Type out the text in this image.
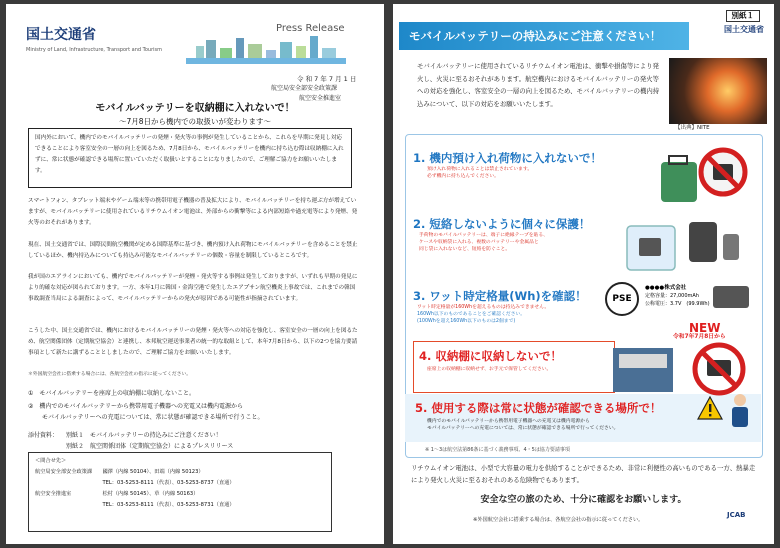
Press Release
国土交通省
Ministry of Land, Infrastructure, Transport and Tourism
令 和 7 年 7 月 1 日
航空局安全部安全政策課
航空安全推進室
モバイルバッテリーを収納棚に入れないで！
～7月8日から機内での取扱いが変わります～
国内外において、機内でのモバイルバッテリーの発煙・発火等の事例が発生していることから、これらを早期に発見し対応できることにより客室安全の一層の向上を図るため、7月8日から、モバイルバッテリーを機内に持ち込む際は収納棚に入れずに、常に状態が確認できる場所に置いていただく取扱いとすることになりましたので、ご理解ご協力をお願いいたします。
スマートフォン、タブレット端末やゲーム端末等の携帯用電子機器の普及拡大により、モバイルバッテリーを持ち運ぶ方が増えていますが、モバイルバッテリーに使用されているリチウムイオン電池は、外部からの衝撃等による内部短絡や過充電等により発煙、発火等のおそれがあります。
現在、国土交通省では、国際民間航空機関が定める国際基準に基づき、機内預け入れ荷物にモバイルバッテリーを含めることを禁止しているほか、機内持込みについても持込み可能なモバイルバッテリーの個数・容量を制限しているところです。
我が国のエアラインにおいても、機内でモバイルバッテリーが発煙・発火等する事例は発生しておりますが、いずれも早期の発見により的確な対応が図られております。一方、本年1月に韓国・金海空港で発生したエアプサン航空機炎上事故では、これまでの韓国事故調査当局による調査によって、モバイルバッテリーからの発火が原因である可能性が指摘されています。
こうした中、国土交通省では、機内におけるモバイルバッテリーの発煙・発火等への対応を強化し、客室安全の一層の向上を図るため、航空関係団体（定期航空協会）と連携し、本邦航空運送事業者の統一的な取組として、本年7月8日から、以下の2つを協力要請事項として新たに講ずることとしましたので、ご理解ご協力をお願いいたします。
＊外国航空会社に搭乗する場合には、各航空会社の指示に従ってください。
①　モバイルバッテリーを座席上の収納棚に収納しないこと。
②　機内でのモバイルバッテリーから携帯用電子機器への充電又は機内電源から
モバイルバッテリーへの充電については、常に状態が確認できる場所で行うこと。
添付資料： 別紙１　モバイルバッテリーの持込みにご注意ください！
別紙２　航空関係団体（定期航空協会）によるプレスリリース
＜問合せ先＞
航空局安全部安全政策課　　國澤（内線 50104）、田端（内線 50123）
　　　　　　　　　　　　　TEL：03-5253-8111（代表）、03-5253-8737（直通）
航空安全推進室　　　　　　松村（内線 50145）、草（内線 50163）
　　　　　　　　　　　　　TEL：03-5253-8111（代表）、03-5253-8731（直通）
別紙１
国土交通省
モバイルバッテリーの持込みにご注意ください！
モバイルバッテリーに使用されているリチウムイオン電池は、衝撃や損傷等により発火し、火災に至るおそれがあります。航空機内におけるモバイルバッテリーの発火等への対応を強化し、客室安全の一層の向上を図るため、モバイルバッテリーの機内持込みについて、以下の対応をお願いいたします。
【出典】NITE
1. 機内預け入れ荷物に入れないで！
預け入れ荷物に入れることは禁止されています。
必ず機内に持ち込んでください。
2. 短絡しないように個々に保護！
手荷物のモバイルバッテリーは、端子に絶縁テープを貼る、
ケースや収納袋に入れる、複数のバッテリーや金属品と
同じ袋に入れないなど、短絡を防ぐこと。
3. ワット時定格量(Wh)を確認！
ワット時定格量が160Whを超えるものは持込みできません。
160Wh以下のものであることをご確認ください。
(100Whを超え160Wh以下のものは2個まで)
4. 収納棚に収納しないで！
座席上の収納棚に収納せず、お手元で保管してください。
5. 使用する際は常に状態が確認できる場所で！
機内でのモバイルバッテリーから携帯用電子機器への充電又は機内電源から
モバイルバッテリーへの充電については、常に状態が確認できる場所で行ってください。
PSE
●●●●株式会社
定格容量：27,000mAh
公称電圧：3.7V　(99.9Wh)
NEW
令和7年7月8日から
※ 1～3は航空法第86条に基づく義務事項、4・5は協力要請事項
リチウムイオン電池は、小型で大容量の電力を供給することができるため、非常に利便性の高いものである一方、熱暴走により発火し火災に至るおそれのある危険物でもあります。
安全な空の旅のため、十分に確認をお願いします。
※外国航空会社に搭乗する場合は、各航空会社の指示に従ってください。
JCAB
